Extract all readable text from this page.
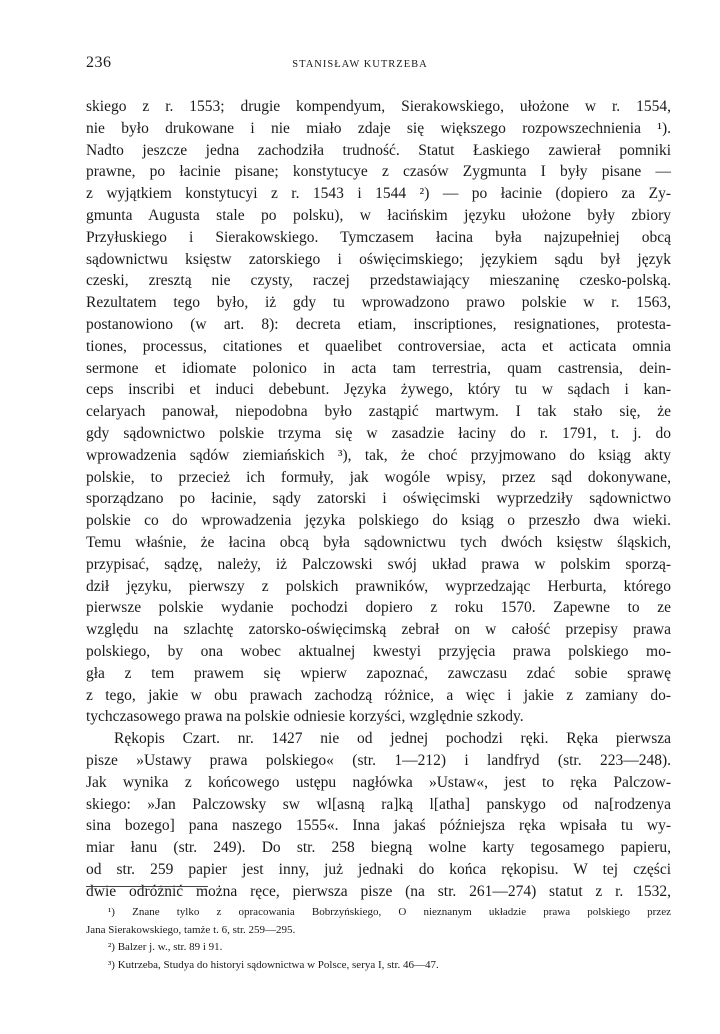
236	STANISŁAW KUTRZEBA
skiego z r. 1553; drugie kompendyum, Sierakowskiego, ułożone w r. 1554,
nie było drukowane i nie miało zdaje się większego rozpowszechnienia ¹).
Nadto jeszcze jedna zachodziła trudność. Statut Łaskiego zawierał pomniki
prawne, po łacinie pisane; konstytucye z czasów Zygmunta I były pisane —
z wyjątkiem konstytucyi z r. 1543 i 1544 ²) — po łacinie (dopiero za Zy-
gmunta Augusta stale po polsku), w łacińskim języku ułożone były zbiory
Przyłuskiego i Sierakowskiego. Tymczasem łacina była najzupełniej obcą
sądownictwu księstw zatorskiego i oświęcimskiego; językiem sądu był język
czeski, zresztą nie czysty, raczej przedstawiający mieszaninę czesko-polską.
Rezultatem tego było, iż gdy tu wprowadzono prawo polskie w r. 1563,
postanowiono (w art. 8): decreta etiam, inscriptiones, resignationes, protesta-
tiones, processus, citationes et quaelibet controversiae, acta et acticata omnia
sermone et idiomate polonico in acta tam terrestria, quam castrensia, dein-
ceps inscribi et induci debebunt. Języka żywego, który tu w sądach i kan-
celaryach panował, niepodobna było zastąpić martwym. I tak stało się, że
gdy sądownictwo polskie trzyma się w zasadzie łaciny do r. 1791, t. j. do
wprowadzenia sądów ziemiańskich ³), tak, że choć przyjmowano do ksiąg akty
polskie, to przecież ich formuły, jak wogóle wpisy, przez sąd dokonywane,
sporządzano po łacinie, sądy zatorski i oświęcimski wyprzedziły sądownictwo
polskie co do wprowadzenia języka polskiego do ksiąg o przeszło dwa wieki.
Temu właśnie, że łacina obcą była sądownictwu tych dwóch księstw śląskich,
przypisać, sądzę, należy, iż Palczowski swój układ prawa w polskim sporzą-
dził języku, pierwszy z polskich prawników, wyprzedzając Herburta, którego
pierwsze polskie wydanie pochodzi dopiero z roku 1570. Zapewne to ze
względu na szlachtę zatorsko-oświęcimską zebrał on w całość przepisy prawa
polskiego, by ona wobec aktualnej kwestyi przyjęcia prawa polskiego mo-
gła z tem prawem się wpierw zapoznać, zawczasu zdać sobie sprawę
z tego, jakie w obu prawach zachodzą różnice, a więc i jakie z zamiany do-
tychczasowego prawa na polskie odniesie korzyści, względnie szkody.
Rękopis Czart. nr. 1427 nie od jednej pochodzi ręki. Ręka pierwsza
pisze »Ustawy prawa polskiego« (str. 1—212) i landfryd (str. 223—248).
Jak wynika z końcowego ustępu nagłówka »Ustaw«, jest to ręka Palczow-
skiego: »Jan Palczowsky sw wl[asną ra]ką l[atha] panskygo od na[rodzenya
sina bozego] pana naszego 1555«. Inna jakaś późniejsza ręka wpisała tu wy-
miar łanu (str. 249). Do str. 258 biegną wolne karty tegosamego papieru,
od str. 259 papier jest inny, już jednaki do końca rękopisu. W tej części
dwie odróżnić można ręce, pierwsza pisze (na str. 261—274) statut z r. 1532,
¹) Znane tylko z opracowania Bobrzyńskiego, O nieznanym układzie prawa polskiego przez
Jana Sierakowskiego, tamże t. 6, str. 259—295.
²) Balzer j. w., str. 89 i 91.
³) Kutrzeba, Studya do historyi sądownictwa w Polsce, serya I, str. 46—47.
